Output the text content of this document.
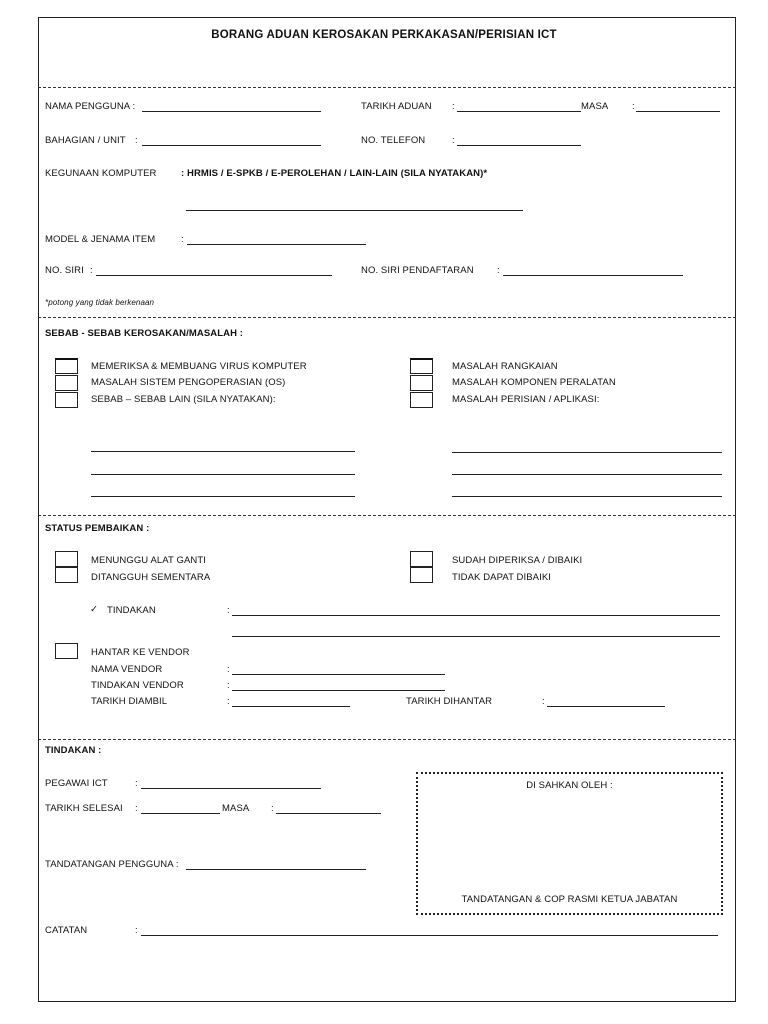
BORANG ADUAN KEROSAKAN PERKAKASAN/PERISIAN ICT
NAMA PENGGUNA :	TARIKH ADUAN :	MASA :
BAHAGIAN / UNIT :	NO. TELEFON	:
KEGUNAAN KOMPUTER	: HRMIS / E-SPKB / E-PEROLEHAN / LAIN-LAIN (SILA NYATAKAN)*
MODEL & JENAMA ITEM	:
NO. SIRI :	NO. SIRI PENDAFTARAN :
*potong yang tidak berkenaan
SEBAB - SEBAB KEROSAKAN/MASALAH :
MEMERIKSA & MEMBUANG VIRUS KOMPUTER
MASALAH SISTEM PENGOPERASIAN (OS)
SEBAB – SEBAB LAIN (SILA NYATAKAN):
MASALAH RANGKAIAN
MASALAH KOMPONEN PERALATAN
MASALAH PERISIAN / APLIKASI:
STATUS PEMBAIKAN :
MENUNGGU ALAT GANTI
DITANGGUH SEMENTARA
SUDAH DIPERIKSA / DIBAIKI
TIDAK DAPAT DIBAIKI
✓ TINDAKAN	:
HANTAR KE VENDOR
NAMA VENDOR	:
TINDAKAN VENDOR	:
TARIKH DIAMBIL	:	TARIKH DIHANTAR	:
TINDAKAN :
PEGAWAI ICT	:
TARIKH SELESAI :	MASA :
TANDATANGAN PENGGUNA :
DI SAHKAN OLEH :
TANDATANGAN & COP RASMI KETUA JABATAN
CATATAN	:
